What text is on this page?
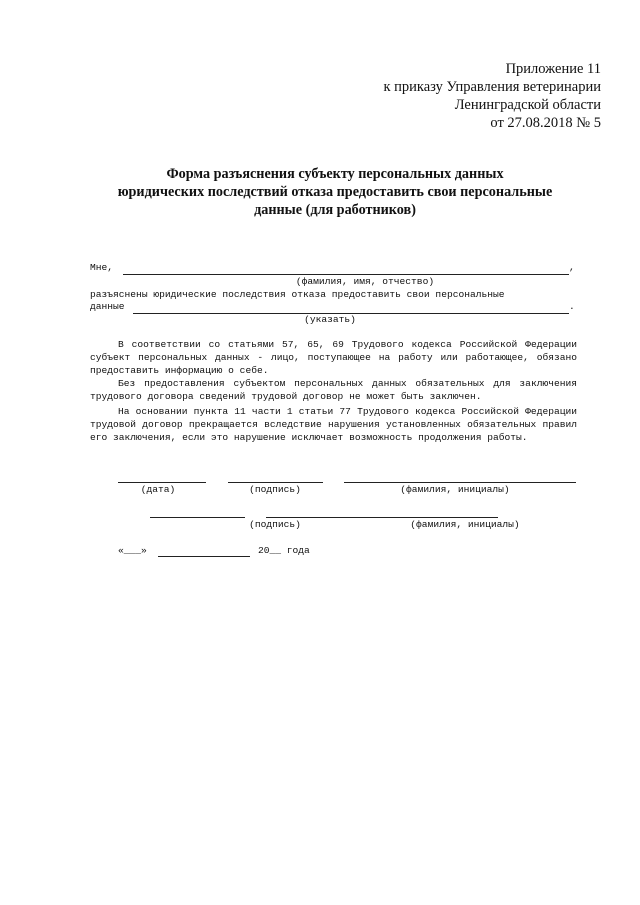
Приложение 11
к приказу Управления ветеринарии
Ленинградской области
от 27.08.2018 № 5
Форма разъяснения субъекту персональных данных
юридических последствий отказа предоставить свои персональные
данные (для работников)
Мне,	,
(фамилия, имя, отчество)
разъяснены юридические последствия отказа предоставить свои персональные
данные	.
(указать)
В соответствии со статьями 57, 65, 69 Трудового кодекса Российской Федерации субъект персональных данных - лицо, поступающее на работу или работающее, обязано предоставить информацию о себе.
Без предоставления субъектом персональных данных обязательных для заключения трудового договора сведений трудовой договор не может быть заключен.
На основании пункта 11 части 1 статьи 77 Трудового кодекса Российской Федерации трудовой договор прекращается вследствие нарушения установленных обязательных правил его заключения, если это нарушение исключает возможность продолжения работы.
(дата)	(подпись)	(фамилия, инициалы)
(подпись)	(фамилия, инициалы)
«___»	20__ года
